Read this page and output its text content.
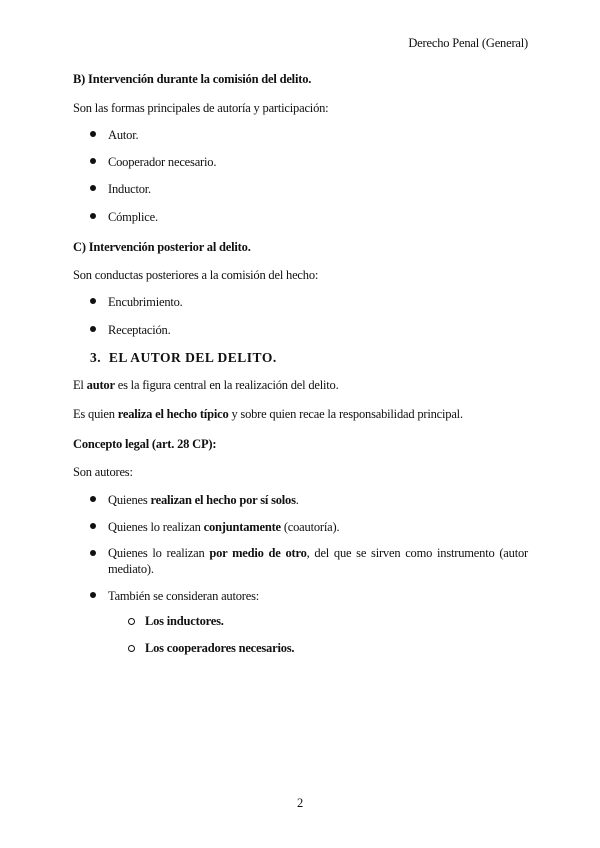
Derecho Penal (General)
B) Intervención durante la comisión del delito.
Son las formas principales de autoría y participación:
Autor.
Cooperador necesario.
Inductor.
Cómplice.
C) Intervención posterior al delito.
Son conductas posteriores a la comisión del hecho:
Encubrimiento.
Receptación.
3. EL AUTOR DEL DELITO.
El autor es la figura central en la realización del delito.
Es quien realiza el hecho típico y sobre quien recae la responsabilidad principal.
Concepto legal (art. 28 CP):
Son autores:
Quienes realizan el hecho por sí solos.
Quienes lo realizan conjuntamente (coautoría).
Quienes lo realizan por medio de otro, del que se sirven como instrumento (autor
mediato).
También se consideran autores:
Los inductores.
Los cooperadores necesarios.
2
